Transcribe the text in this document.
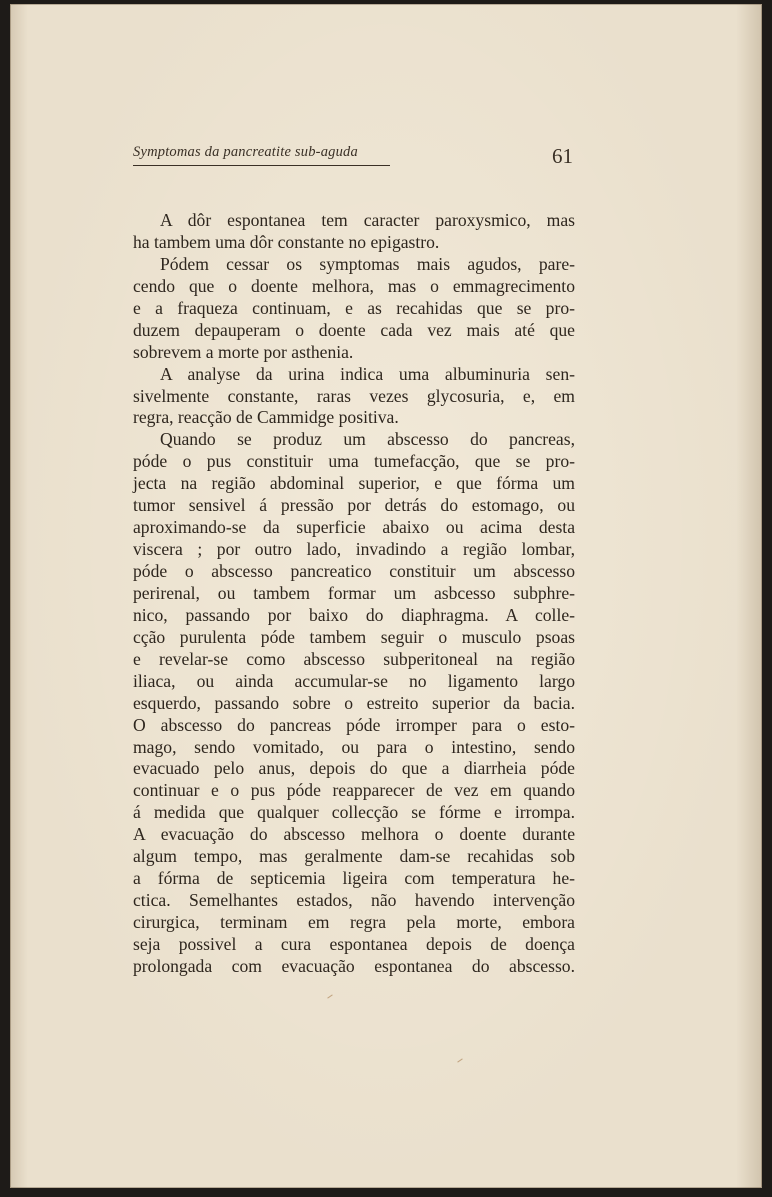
Symptomas da pancreatite sub-aguda	61
A dôr espontanea tem caracter paroxysmico, mas
ha tambem uma dôr constante no epigastro.
Pódem cessar os symptomas mais agudos, pare-
cendo que o doente melhora, mas o emmagrecimento
e a fraqueza continuam, e as recahidas que se pro-
duzem depauperam o doente cada vez mais até que
sobrevem a morte por asthenia.
A analyse da urina indica uma albuminuria sen-
sivelmente constante, raras vezes glycosuria, e, em
regra, reacção de Cammidge positiva.
Quando se produz um abscesso do pancreas,
póde o pus constituir uma tumefacção, que se pro-
jecta na região abdominal superior, e que fórma um
tumor sensivel á pressão por detrás do estomago, ou
aproximando-se da superficie abaixo ou acima desta
viscera ; por outro lado, invadindo a região lombar,
póde o abscesso pancreatico constituir um abscesso
perirenal, ou tambem formar um asbcesso subphre-
nico, passando por baixo do diaphragma. A colle-
cção purulenta póde tambem seguir o musculo psoas
e revelar-se como abscesso subperitoneal na região
iliaca, ou ainda accumular-se no ligamento largo
esquerdo, passando sobre o estreito superior da bacia.
O abscesso do pancreas póde irromper para o esto-
mago, sendo vomitado, ou para o intestino, sendo
evacuado pelo anus, depois do que a diarrheia póde
continuar e o pus póde reapparecer de vez em quando
á medida que qualquer collecção se fórme e irrompa.
A evacuação do abscesso melhora o doente durante
algum tempo, mas geralmente dam-se recahidas sob
a fórma de septicemia ligeira com temperatura he-
ctica. Semelhantes estados, não havendo intervenção
cirurgica, terminam em regra pela morte, embora
seja possivel a cura espontanea depois de doença
prolongada com evacuação espontanea do abscesso.
